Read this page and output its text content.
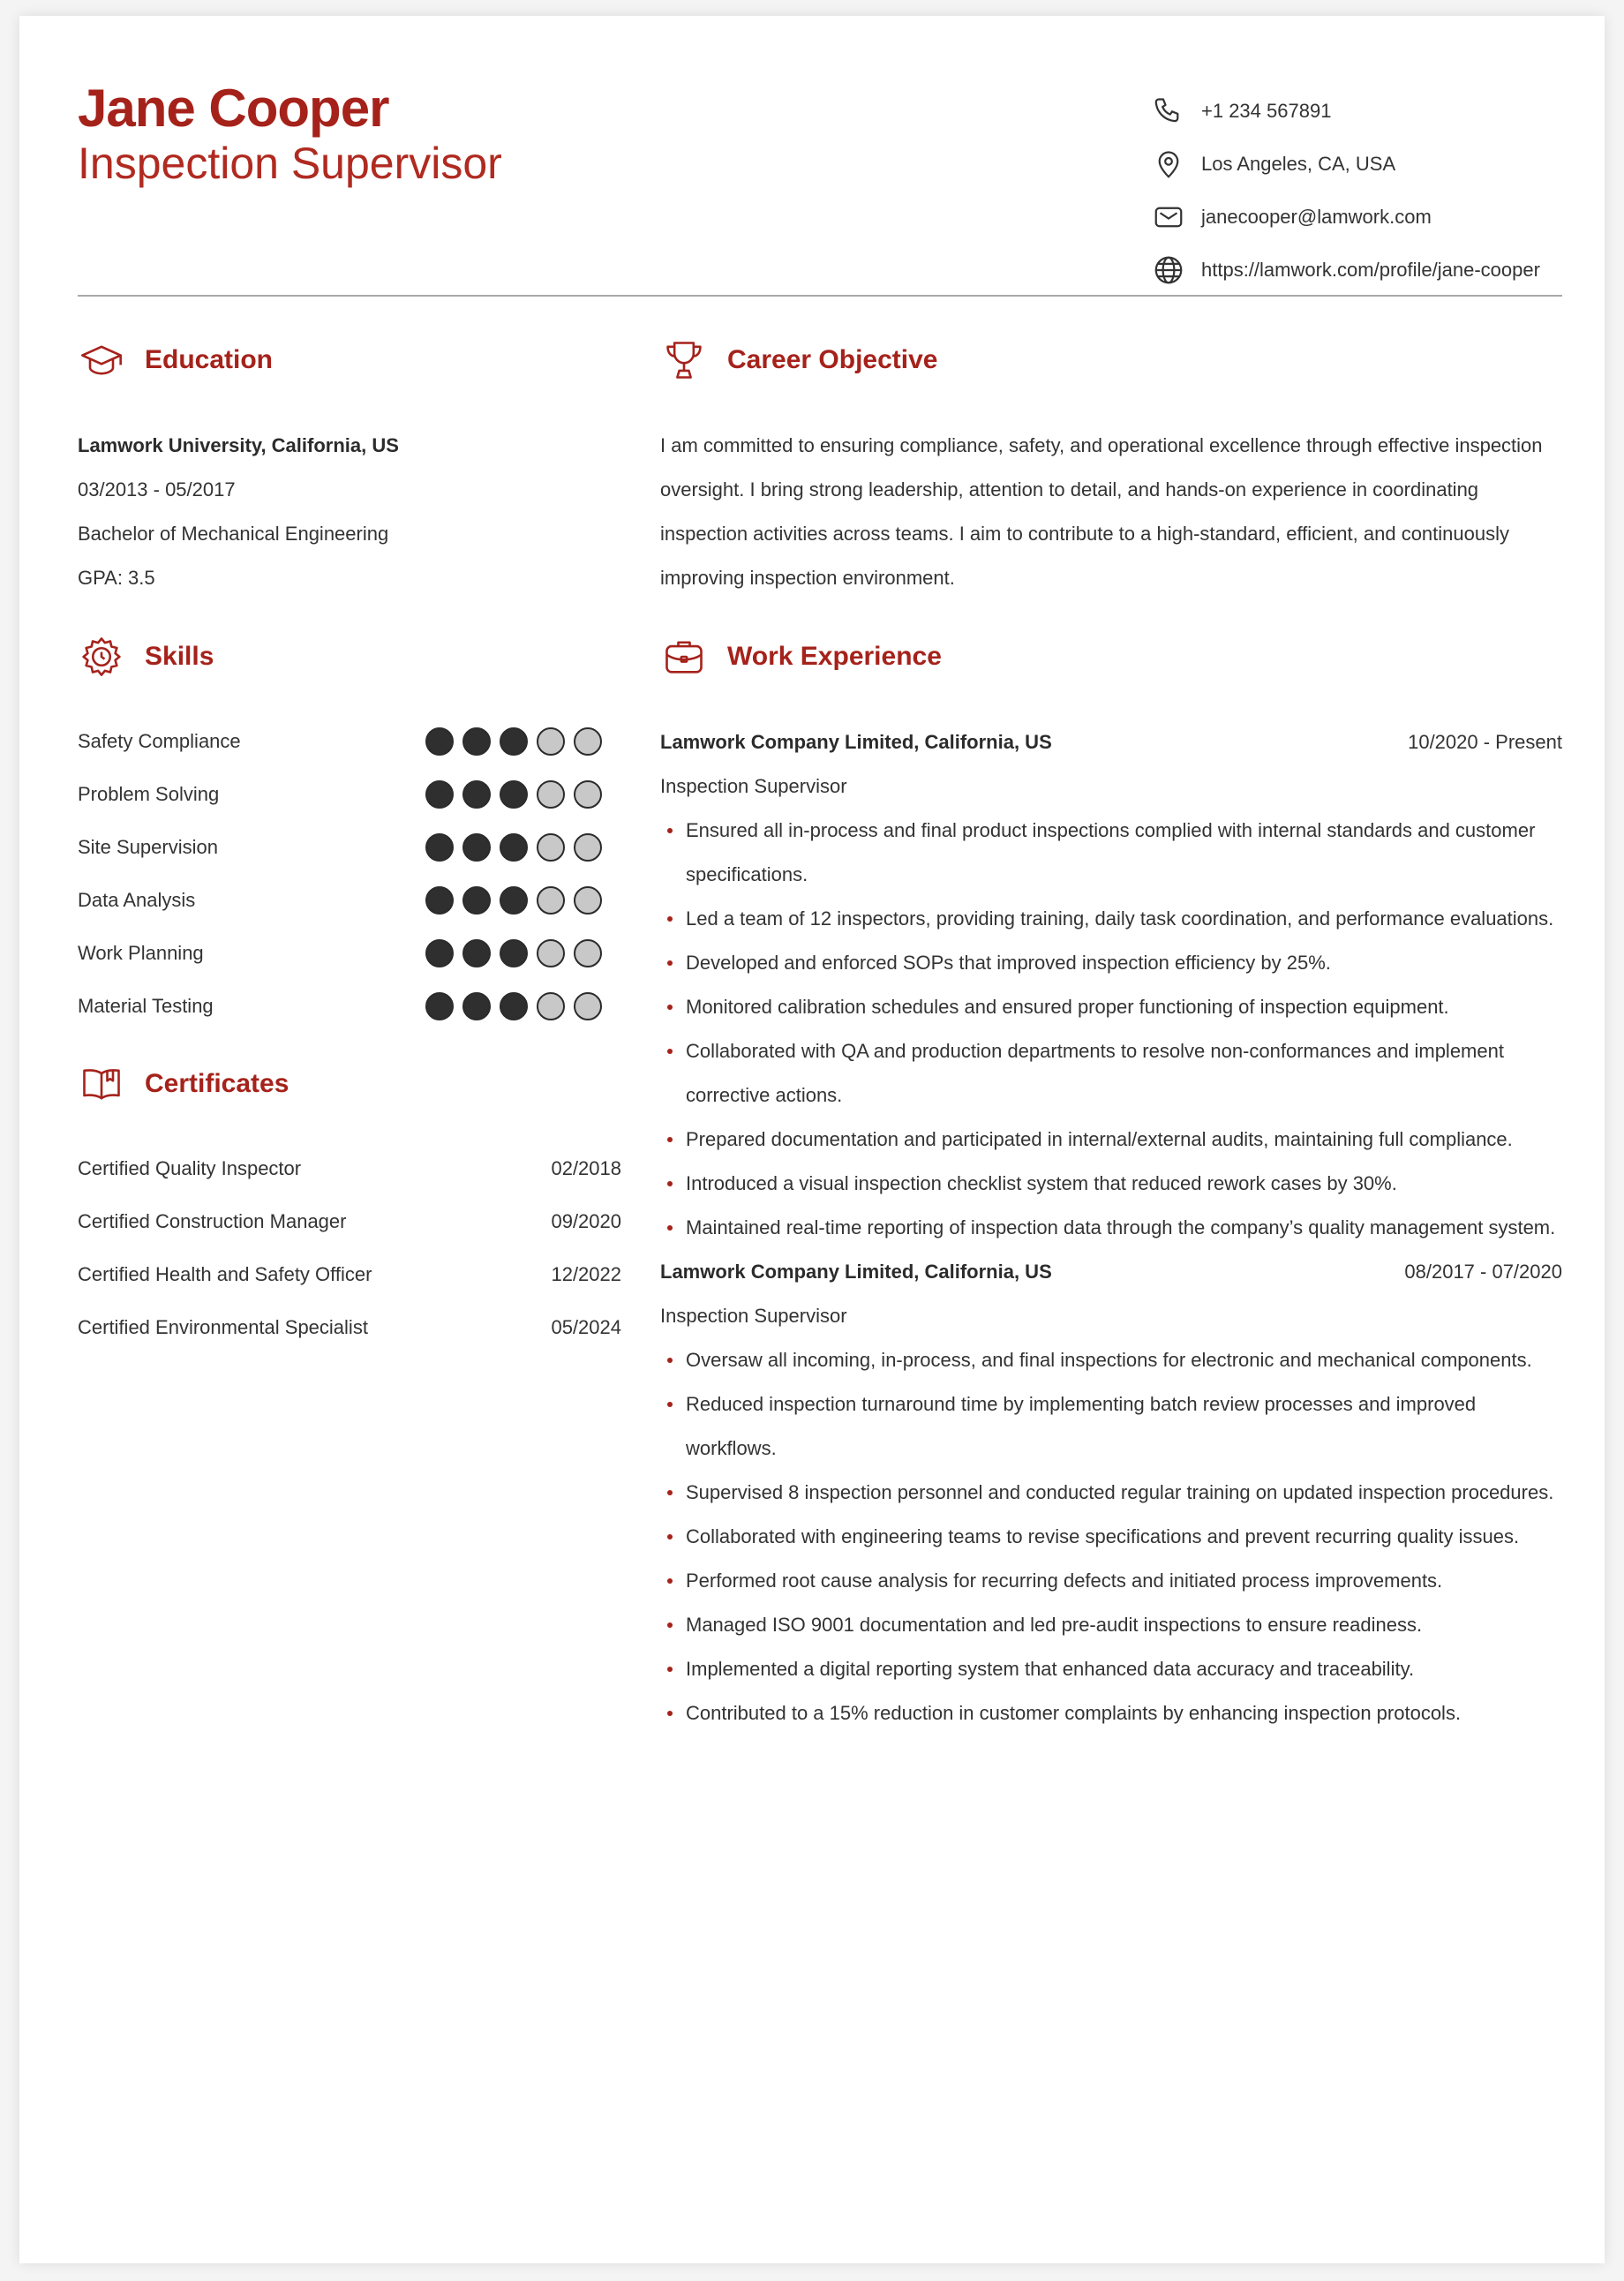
Jane Cooper
Inspection Supervisor
+1 234 567891
Los Angeles, CA, USA
janecooper@lamwork.com
https://lamwork.com/profile/jane-cooper
Education
Lamwork University, California, US
03/2013 - 05/2017
Bachelor of Mechanical Engineering
GPA: 3.5
Skills
Safety Compliance
Problem Solving
Site Supervision
Data Analysis
Work Planning
Material Testing
Certificates
Certified Quality Inspector	02/2018
Certified Construction Manager	09/2020
Certified Health and Safety Officer	12/2022
Certified Environmental Specialist	05/2024
Career Objective
I am committed to ensuring compliance, safety, and operational excellence through effective inspection
oversight. I bring strong leadership, attention to detail, and hands-on experience in coordinating
inspection activities across teams. I aim to contribute to a high-standard, efficient, and continuously
improving inspection environment.
Work Experience
Lamwork Company Limited, California, US	10/2020 - Present
Inspection Supervisor
Ensured all in-process and final product inspections complied with internal standards and customer specifications.
Led a team of 12 inspectors, providing training, daily task coordination, and performance evaluations.
Developed and enforced SOPs that improved inspection efficiency by 25%.
Monitored calibration schedules and ensured proper functioning of inspection equipment.
Collaborated with QA and production departments to resolve non-conformances and implement corrective actions.
Prepared documentation and participated in internal/external audits, maintaining full compliance.
Introduced a visual inspection checklist system that reduced rework cases by 30%.
Maintained real-time reporting of inspection data through the company’s quality management system.
Lamwork Company Limited, California, US	08/2017 - 07/2020
Inspection Supervisor
Oversaw all incoming, in-process, and final inspections for electronic and mechanical components.
Reduced inspection turnaround time by implementing batch review processes and improved workflows.
Supervised 8 inspection personnel and conducted regular training on updated inspection procedures.
Collaborated with engineering teams to revise specifications and prevent recurring quality issues.
Performed root cause analysis for recurring defects and initiated process improvements.
Managed ISO 9001 documentation and led pre-audit inspections to ensure readiness.
Implemented a digital reporting system that enhanced data accuracy and traceability.
Contributed to a 15% reduction in customer complaints by enhancing inspection protocols.
